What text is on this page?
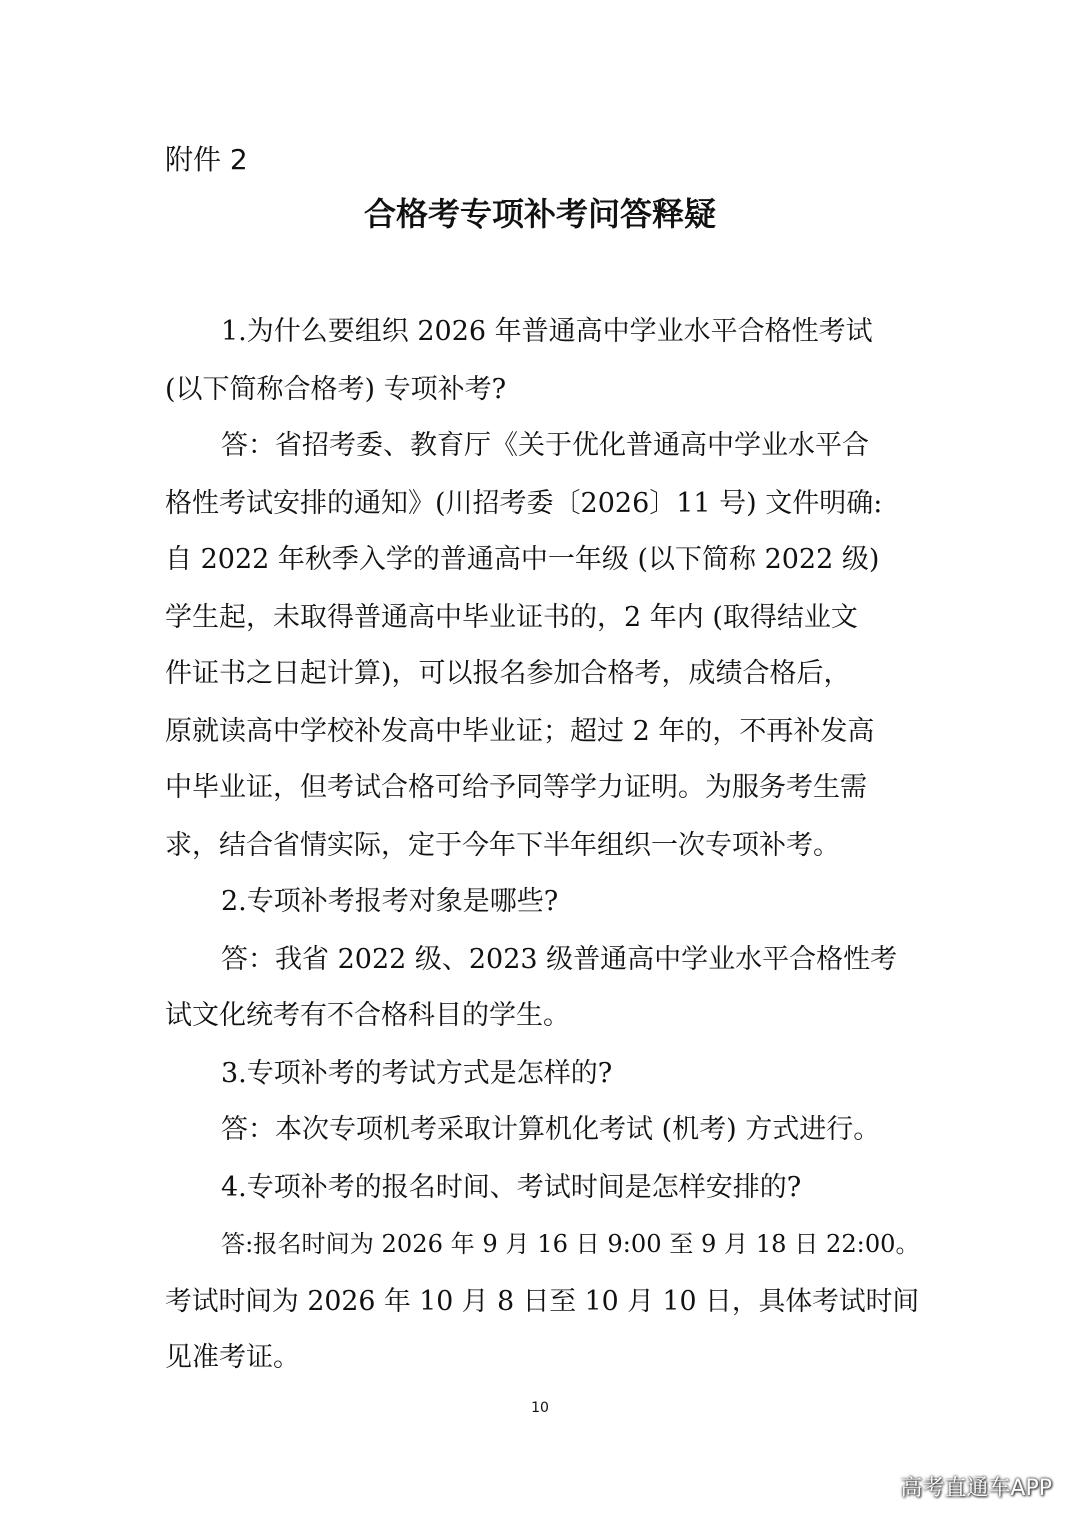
附件 2
合格考专项补考问答释疑
1.为什么要组织 2026 年普通高中学业水平合格性考试
(以下简称合格考) 专项补考?
答：省招考委、教育厅《关于优化普通高中学业水平合
格性考试安排的通知》(川招考委〔2026〕11 号) 文件明确:
自 2022 年秋季入学的普通高中一年级 (以下简称 2022 级)
学生起，未取得普通高中毕业证书的，2 年内 (取得结业文
件证书之日起计算)，可以报名参加合格考，成绩合格后，
原就读高中学校补发高中毕业证；超过 2 年的，不再补发高
中毕业证，但考试合格可给予同等学力证明。为服务考生需
求，结合省情实际，定于今年下半年组织一次专项补考。
2.专项补考报考对象是哪些?
答：我省 2022 级、2023 级普通高中学业水平合格性考
试文化统考有不合格科目的学生。
3.专项补考的考试方式是怎样的?
答：本次专项机考采取计算机化考试 (机考) 方式进行。
4.专项补考的报名时间、考试时间是怎样安排的?
答:报名时间为 2026 年 9 月 16 日 9:00 至 9 月 18 日 22:00。
考试时间为 2026 年 10 月 8 日至 10 月 10 日，具体考试时间
见准考证。
10
高考直通车APP
